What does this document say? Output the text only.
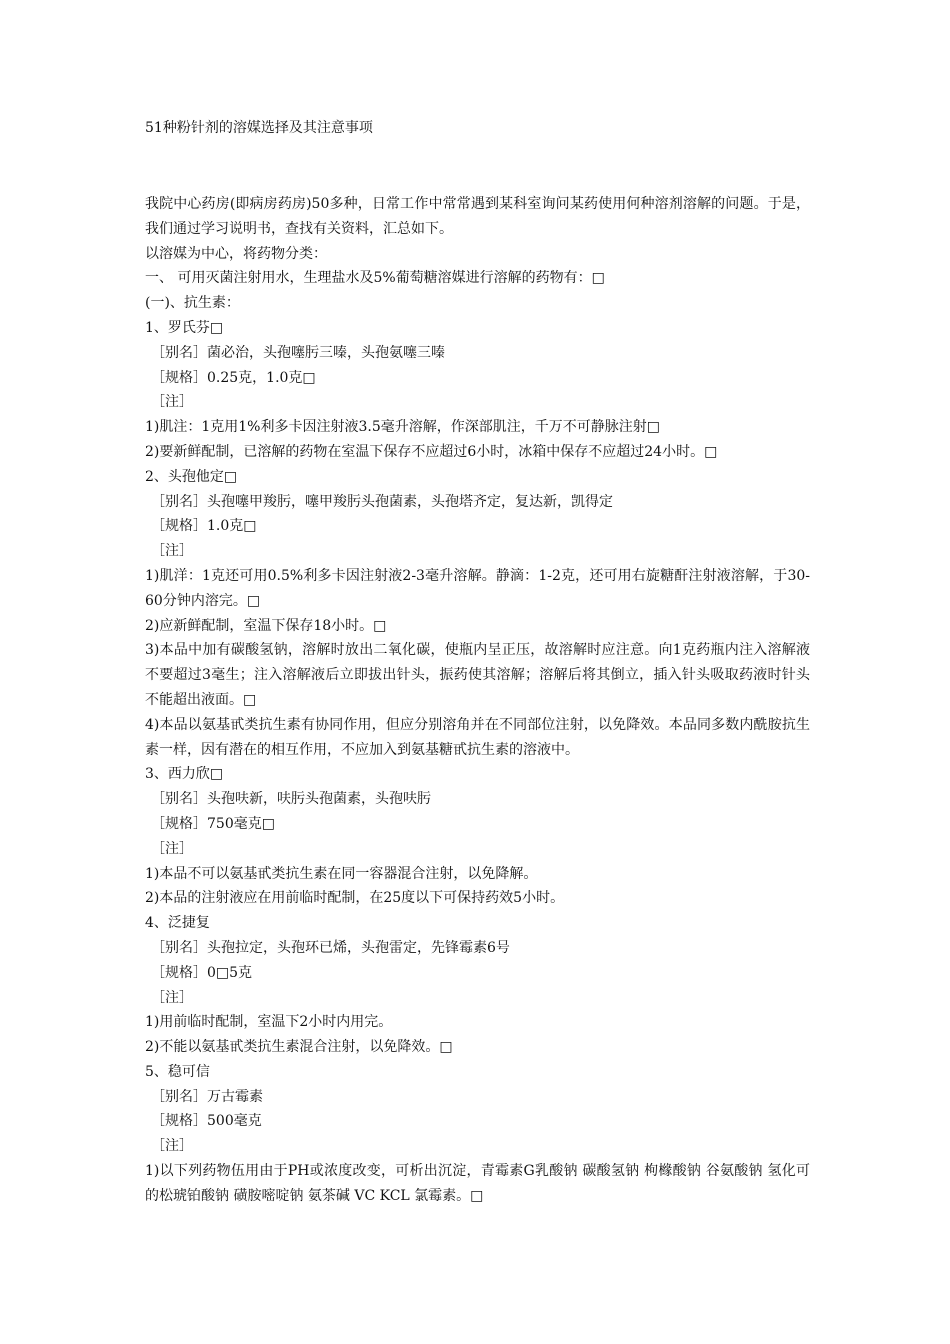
51种粉针剂的溶媒选择及其注意事项
我院中心药房(即病房药房)50多种，日常工作中常常遇到某科室询问某药使用何种溶剂溶解的问题。于是，我们通过学习说明书，查找有关资料，汇总如下。
以溶媒为中心，将药物分类：
一、 可用灭菌注射用水，生理盐水及5%葡萄糖溶媒进行溶解的药物有：□
(一)、抗生素：
1、罗氏芬□
［别名］菌必治，头孢噻肟三嗪，头孢氨噻三嗪
［规格］0.25克，1.0克□
［注］
1)肌注：1克用1%利多卡因注射液3.5毫升溶解，作深部肌注，千万不可静脉注射□
2)要新鲜配制，已溶解的药物在室温下保存不应超过6小时，冰箱中保存不应超过24小时。□
2、头孢他定□
［别名］头孢噻甲羧肟，噻甲羧肟头孢菌素，头孢塔齐定，复达新，凯得定
［规格］1.0克□
［注］
1)肌洋：1克还可用0.5%利多卡因注射液2-3毫升溶解。静滴：1-2克，还可用右旋糖酐注射液溶解，于30-60分钟内溶完。□
2)应新鲜配制，室温下保存18小时。□
3)本品中加有碳酸氢钠，溶解时放出二氧化碳，使瓶内呈正压，故溶解时应注意。向1克药瓶内注入溶解液不要超过3毫生；注入溶解液后立即拔出针头，振药使其溶解；溶解后将其倒立，插入针头吸取药液时针头不能超出液面。□
4)本品以氨基甙类抗生素有协同作用，但应分别溶角并在不同部位注射，以免降效。本品同多数内酰胺抗生素一样，因有潜在的相互作用，不应加入到氨基糖甙抗生素的溶液中。
3、西力欣□
［别名］头孢呋新，呋肟头孢菌素，头孢呋肟
［规格］750毫克□
［注］
1)本品不可以氨基甙类抗生素在同一容器混合注射，以免降解。
2)本品的注射液应在用前临时配制，在25度以下可保持药效5小时。
4、泛捷复
［别名］头孢拉定，头孢环已烯，头孢雷定，先锋霉素6号
［规格］0□5克
［注］
1)用前临时配制，室温下2小时内用完。
2)不能以氨基甙类抗生素混合注射，以免降效。□
5、稳可信
［别名］万古霉素
［规格］500毫克
［注］
1)以下列药物伍用由于PH或浓度改变，可析出沉淀，青霉素G乳酸钠 碳酸氢钠 枸橼酸钠 谷氨酸钠 氢化可的松琥铂酸钠 磺胺嘧啶钠 氨茶碱 VC KCL 氯霉素。□
